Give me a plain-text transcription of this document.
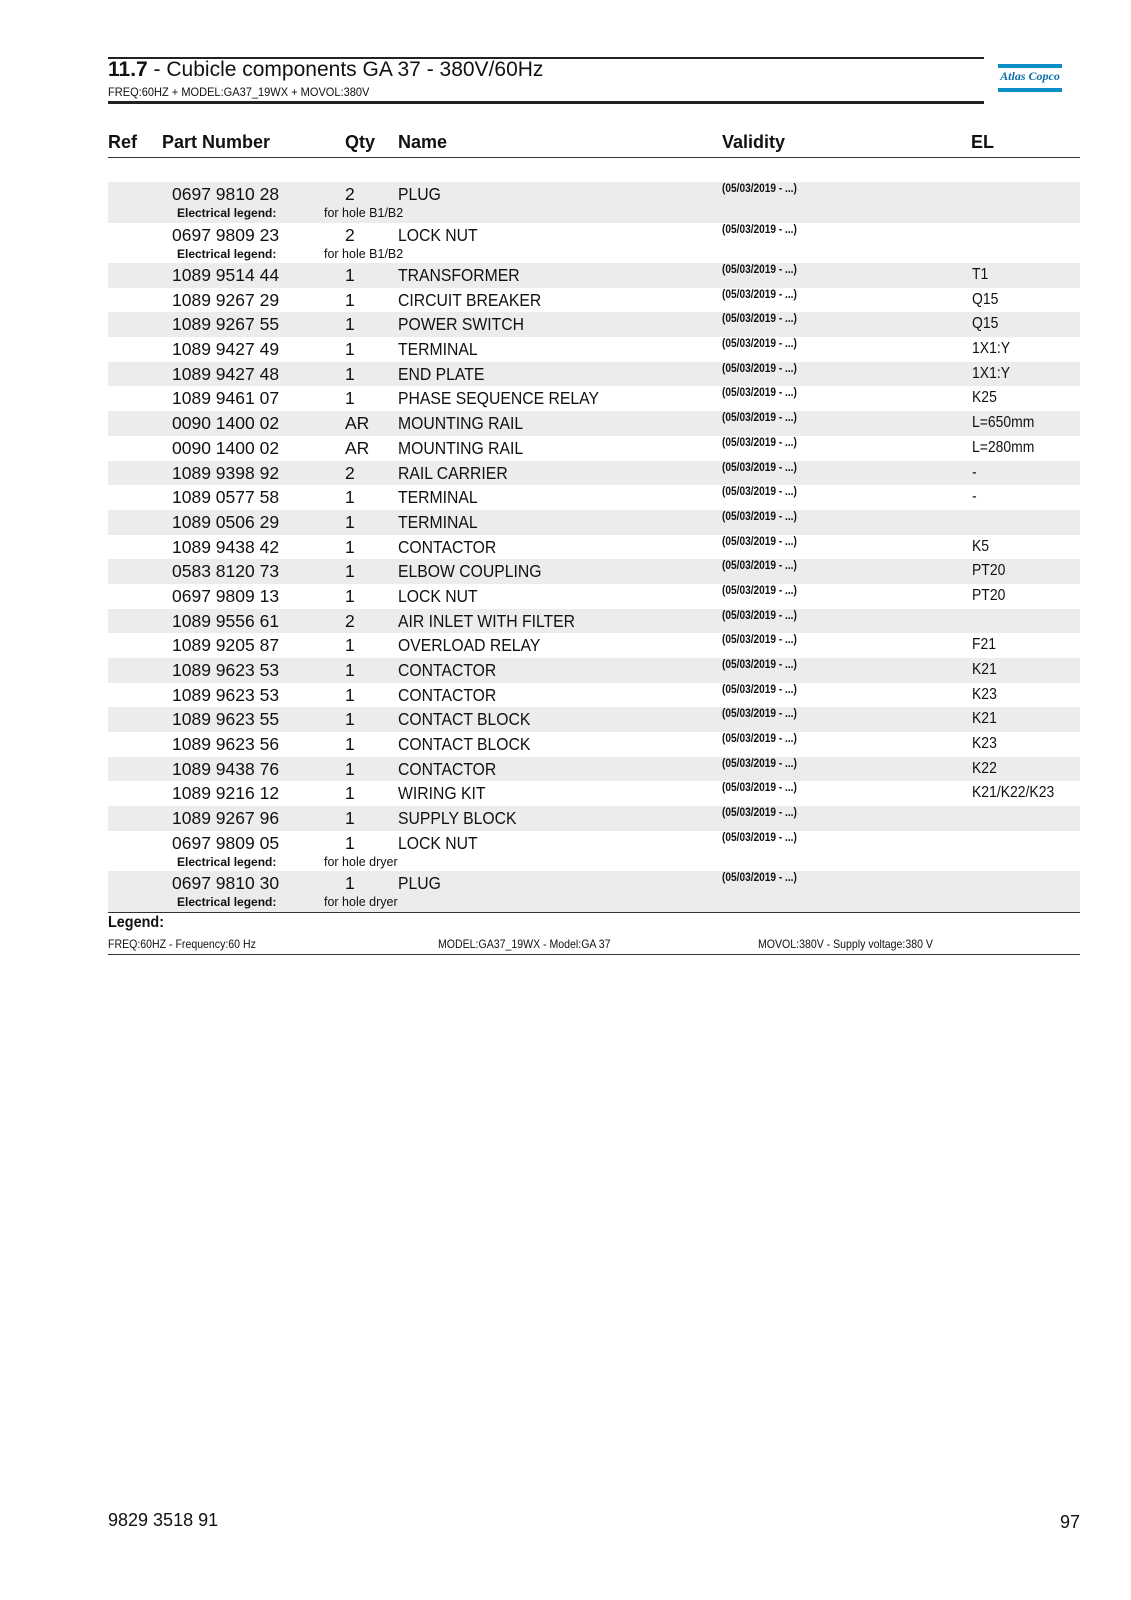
11.7 - Cubicle components GA 37 - 380V/60Hz
FREQ:60HZ + MODEL:GA37_19WX + MOVOL:380V
Atlas Copco
Ref Part Number	Qty Name	Validity	EL
0697 9810 28	2 PLUG	(05/03/2019 - ...)
Electrical legend:	for hole B1/B2
0697 9809 23	2 LOCK NUT	(05/03/2019 - ...)
Electrical legend:	for hole B1/B2
1089 9514 44	1 TRANSFORMER	(05/03/2019 - ...)	T1
1089 9267 29	1 CIRCUIT BREAKER	(05/03/2019 - ...)	Q15
1089 9267 55	1 POWER SWITCH	(05/03/2019 - ...)	Q15
1089 9427 49	1 TERMINAL	(05/03/2019 - ...)	1X1:Y
1089 9427 48	1 END PLATE	(05/03/2019 - ...)	1X1:Y
1089 9461 07	1 PHASE SEQUENCE RELAY	(05/03/2019 - ...)	K25
0090 1400 02	AR MOUNTING RAIL	(05/03/2019 - ...)	L=650mm
0090 1400 02	AR MOUNTING RAIL	(05/03/2019 - ...)	L=280mm
1089 9398 92	2 RAIL CARRIER	(05/03/2019 - ...)	-
1089 0577 58	1 TERMINAL	(05/03/2019 - ...)	-
1089 0506 29	1 TERMINAL	(05/03/2019 - ...)
1089 9438 42	1 CONTACTOR	(05/03/2019 - ...)	K5
0583 8120 73	1 ELBOW COUPLING	(05/03/2019 - ...)	PT20
0697 9809 13	1 LOCK NUT	(05/03/2019 - ...)	PT20
1089 9556 61	2 AIR INLET WITH FILTER	(05/03/2019 - ...)
1089 9205 87	1 OVERLOAD RELAY	(05/03/2019 - ...)	F21
1089 9623 53	1 CONTACTOR	(05/03/2019 - ...)	K21
1089 9623 53	1 CONTACTOR	(05/03/2019 - ...)	K23
1089 9623 55	1 CONTACT BLOCK	(05/03/2019 - ...)	K21
1089 9623 56	1 CONTACT BLOCK	(05/03/2019 - ...)	K23
1089 9438 76	1 CONTACTOR	(05/03/2019 - ...)	K22
1089 9216 12	1 WIRING KIT	(05/03/2019 - ...)	K21/K22/K23
1089 9267 96	1 SUPPLY BLOCK	(05/03/2019 - ...)
0697 9809 05	1 LOCK NUT	(05/03/2019 - ...)
Electrical legend:	for hole dryer
0697 9810 30	1 PLUG	(05/03/2019 - ...)
Electrical legend:	for hole dryer
Legend:
FREQ:60HZ - Frequency:60 Hz	MODEL:GA37_19WX - Model:GA 37	MOVOL:380V - Supply voltage:380 V
9829 3518 91	97
